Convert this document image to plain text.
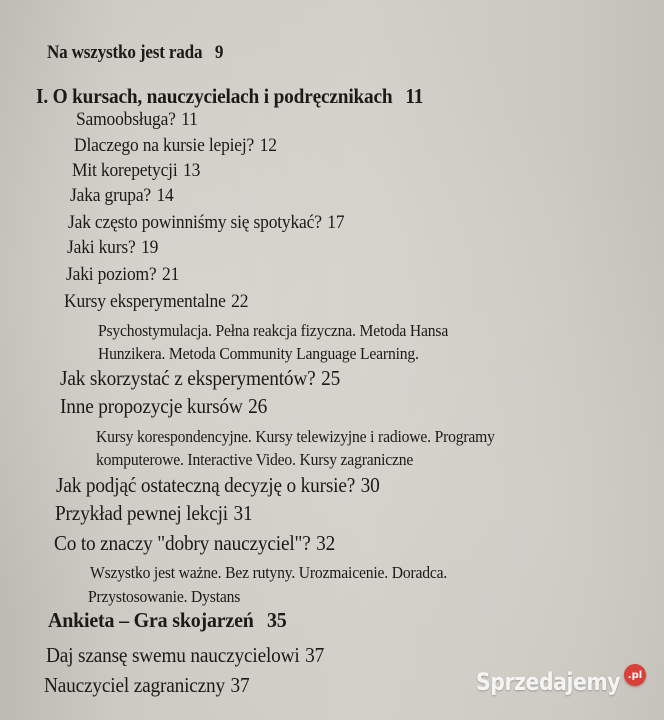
Na wszystko jest rada 9
I. O kursach, nauczycielach i podręcznikach 11
Samoobsługa? 11
Dlaczego na kursie lepiej? 12
Mit korepetycji 13
Jaka grupa? 14
Jak często powinniśmy się spotykać? 17
Jaki kurs? 19
Jaki poziom? 21
Kursy eksperymentalne 22
Psychostymulacja. Pełna reakcja fizyczna. Metoda Hansa
Hunzikera. Metoda Community Language Learning.
Jak skorzystać z eksperymentów? 25
Inne propozycje kursów 26
Kursy korespondencyjne. Kursy telewizyjne i radiowe. Programy
komputerowe. Interactive Video. Kursy zagraniczne
Jak podjąć ostateczną decyzję o kursie? 30
Przykład pewnej lekcji 31
Co to znaczy "dobry nauczyciel"? 32
Wszystko jest ważne. Bez rutyny. Urozmaicenie. Doradca.
Przystosowanie. Dystans
Ankieta – Gra skojarzeń 35
Daj szansę swemu nauczycielowi 37
Nauczyciel zagraniczny 37	Sprzedajemy .pl
